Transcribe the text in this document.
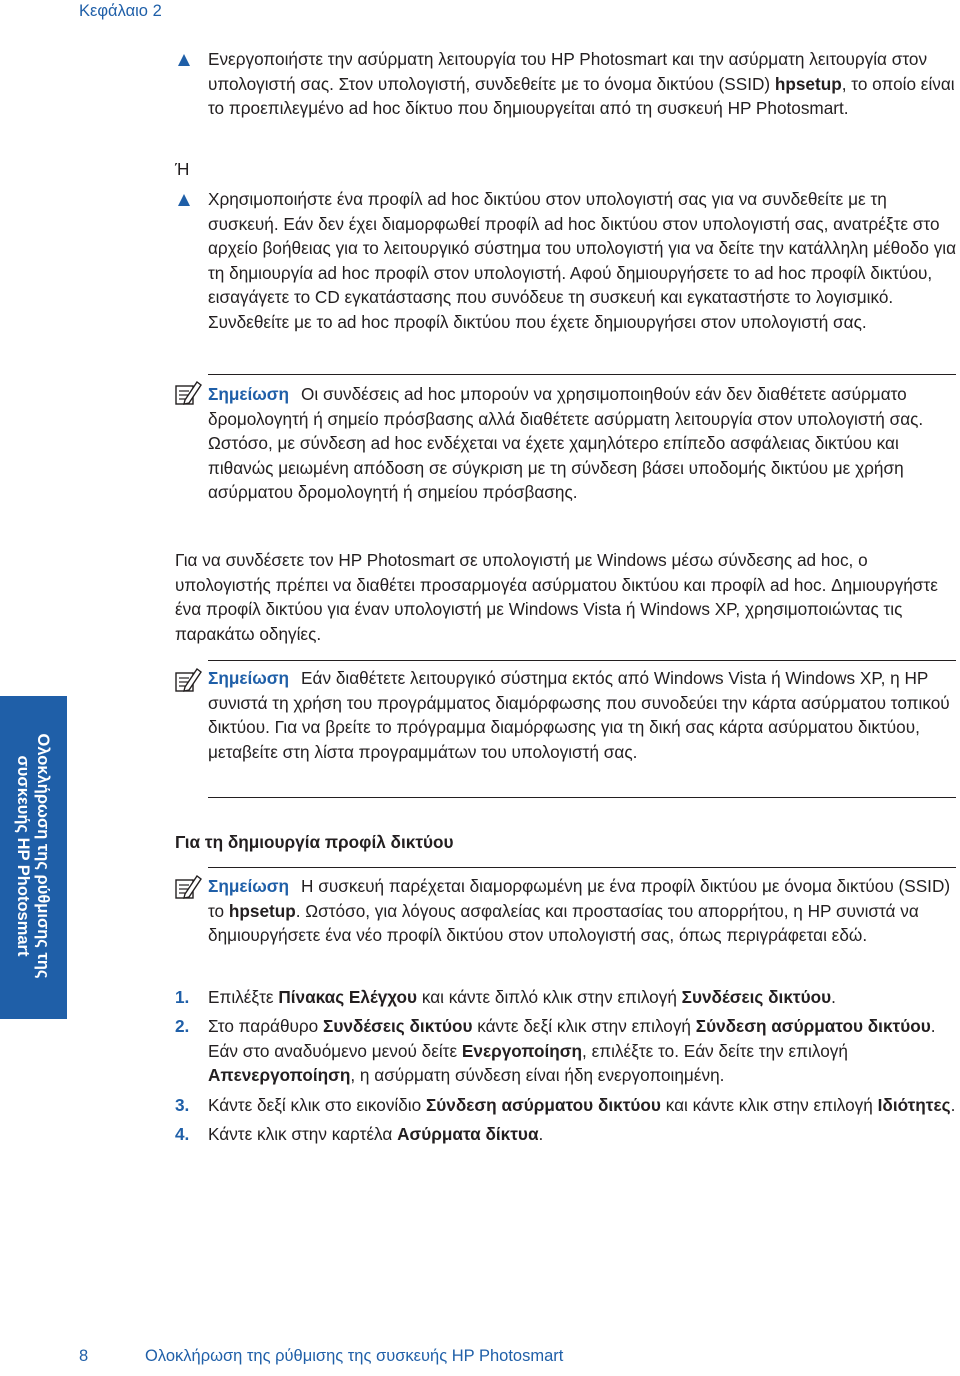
Κεφάλαιο 2

Ενεργοποιήστε την ασύρματη λειτουργία του HP Photosmart και την ασύρματη λειτουργία στον υπολογιστή σας. Στον υπολογιστή, συνδεθείτε με το όνομα δικτύου (SSID) hpsetup, το οποίο είναι το προεπιλεγμένο ad hoc δίκτυο που δημιουργείται από τη συσκευή HP Photosmart.

Ή

Χρησιμοποιήστε ένα προφίλ ad hoc δικτύου στον υπολογιστή σας για να συνδεθείτε με τη συσκευή. Εάν δεν έχει διαμορφωθεί προφίλ ad hoc δικτύου στον υπολογιστή σας, ανατρέξτε στο αρχείο βοήθειας για το λειτουργικό σύστημα του υπολογιστή για να δείτε την κατάλληλη μέθοδο για τη δημιουργία ad hoc προφίλ στον υπολογιστή. Αφού δημιουργήσετε το ad hoc προφίλ δικτύου, εισαγάγετε το CD εγκατάστασης που συνόδευε τη συσκευή και εγκαταστήστε το λογισμικό. Συνδεθείτε με το ad hoc προφίλ δικτύου που έχετε δημιουργήσει στον υπολογιστή σας.

Σημείωση Οι συνδέσεις ad hoc μπορούν να χρησιμοποιηθούν εάν δεν διαθέτετε ασύρματο δρομολογητή ή σημείο πρόσβασης αλλά διαθέτετε ασύρματη λειτουργία στον υπολογιστή σας. Ωστόσο, με σύνδεση ad hoc ενδέχεται να έχετε χαμηλότερο επίπεδο ασφάλειας δικτύου και πιθανώς μειωμένη απόδοση σε σύγκριση με τη σύνδεση βάσει υποδομής δικτύου με χρήση ασύρματου δρομολογητή ή σημείου πρόσβασης.

Για να συνδέσετε τον HP Photosmart σε υπολογιστή με Windows μέσω σύνδεσης ad hoc, ο υπολογιστής πρέπει να διαθέτει προσαρμογέα ασύρματου δικτύου και προφίλ ad hoc. Δημιουργήστε ένα προφίλ δικτύου για έναν υπολογιστή με Windows Vista ή Windows XP, χρησιμοποιώντας τις παρακάτω οδηγίες.

Σημείωση Εάν διαθέτετε λειτουργικό σύστημα εκτός από Windows Vista ή Windows XP, η HP συνιστά τη χρήση του προγράμματος διαμόρφωσης που συνοδεύει την κάρτα ασύρματου τοπικού δικτύου. Για να βρείτε το πρόγραμμα διαμόρφωσης για τη δική σας κάρτα ασύρματου δικτύου, μεταβείτε στη λίστα προγραμμάτων του υπολογιστή σας.

Για τη δημιουργία προφίλ δικτύου

Σημείωση Η συσκευή παρέχεται διαμορφωμένη με ένα προφίλ δικτύου με όνομα δικτύου (SSID) το hpsetup. Ωστόσο, για λόγους ασφαλείας και προστασίας του απορρήτου, η HP συνιστά να δημιουργήσετε ένα νέο προφίλ δικτύου στον υπολογιστή σας, όπως περιγράφεται εδώ.

1. Επιλέξτε Πίνακας Ελέγχου και κάντε διπλό κλικ στην επιλογή Συνδέσεις δικτύου.
2. Στο παράθυρο Συνδέσεις δικτύου κάντε δεξί κλικ στην επιλογή Σύνδεση ασύρματου δικτύου. Εάν στο αναδυόμενο μενού δείτε Ενεργοποίηση, επιλέξτε το. Εάν δείτε την επιλογή Απενεργοποίηση, η ασύρματη σύνδεση είναι ήδη ενεργοποιημένη.
3. Κάντε δεξί κλικ στο εικονίδιο Σύνδεση ασύρματου δικτύου και κάντε κλικ στην επιλογή Ιδιότητες.
4. Κάντε κλικ στην καρτέλα Ασύρματα δίκτυα.
Ολοκλήρωση της ρύθμισης της συσκευής HP Photosmart
8	Ολοκλήρωση της ρύθμισης της συσκευής HP Photosmart
